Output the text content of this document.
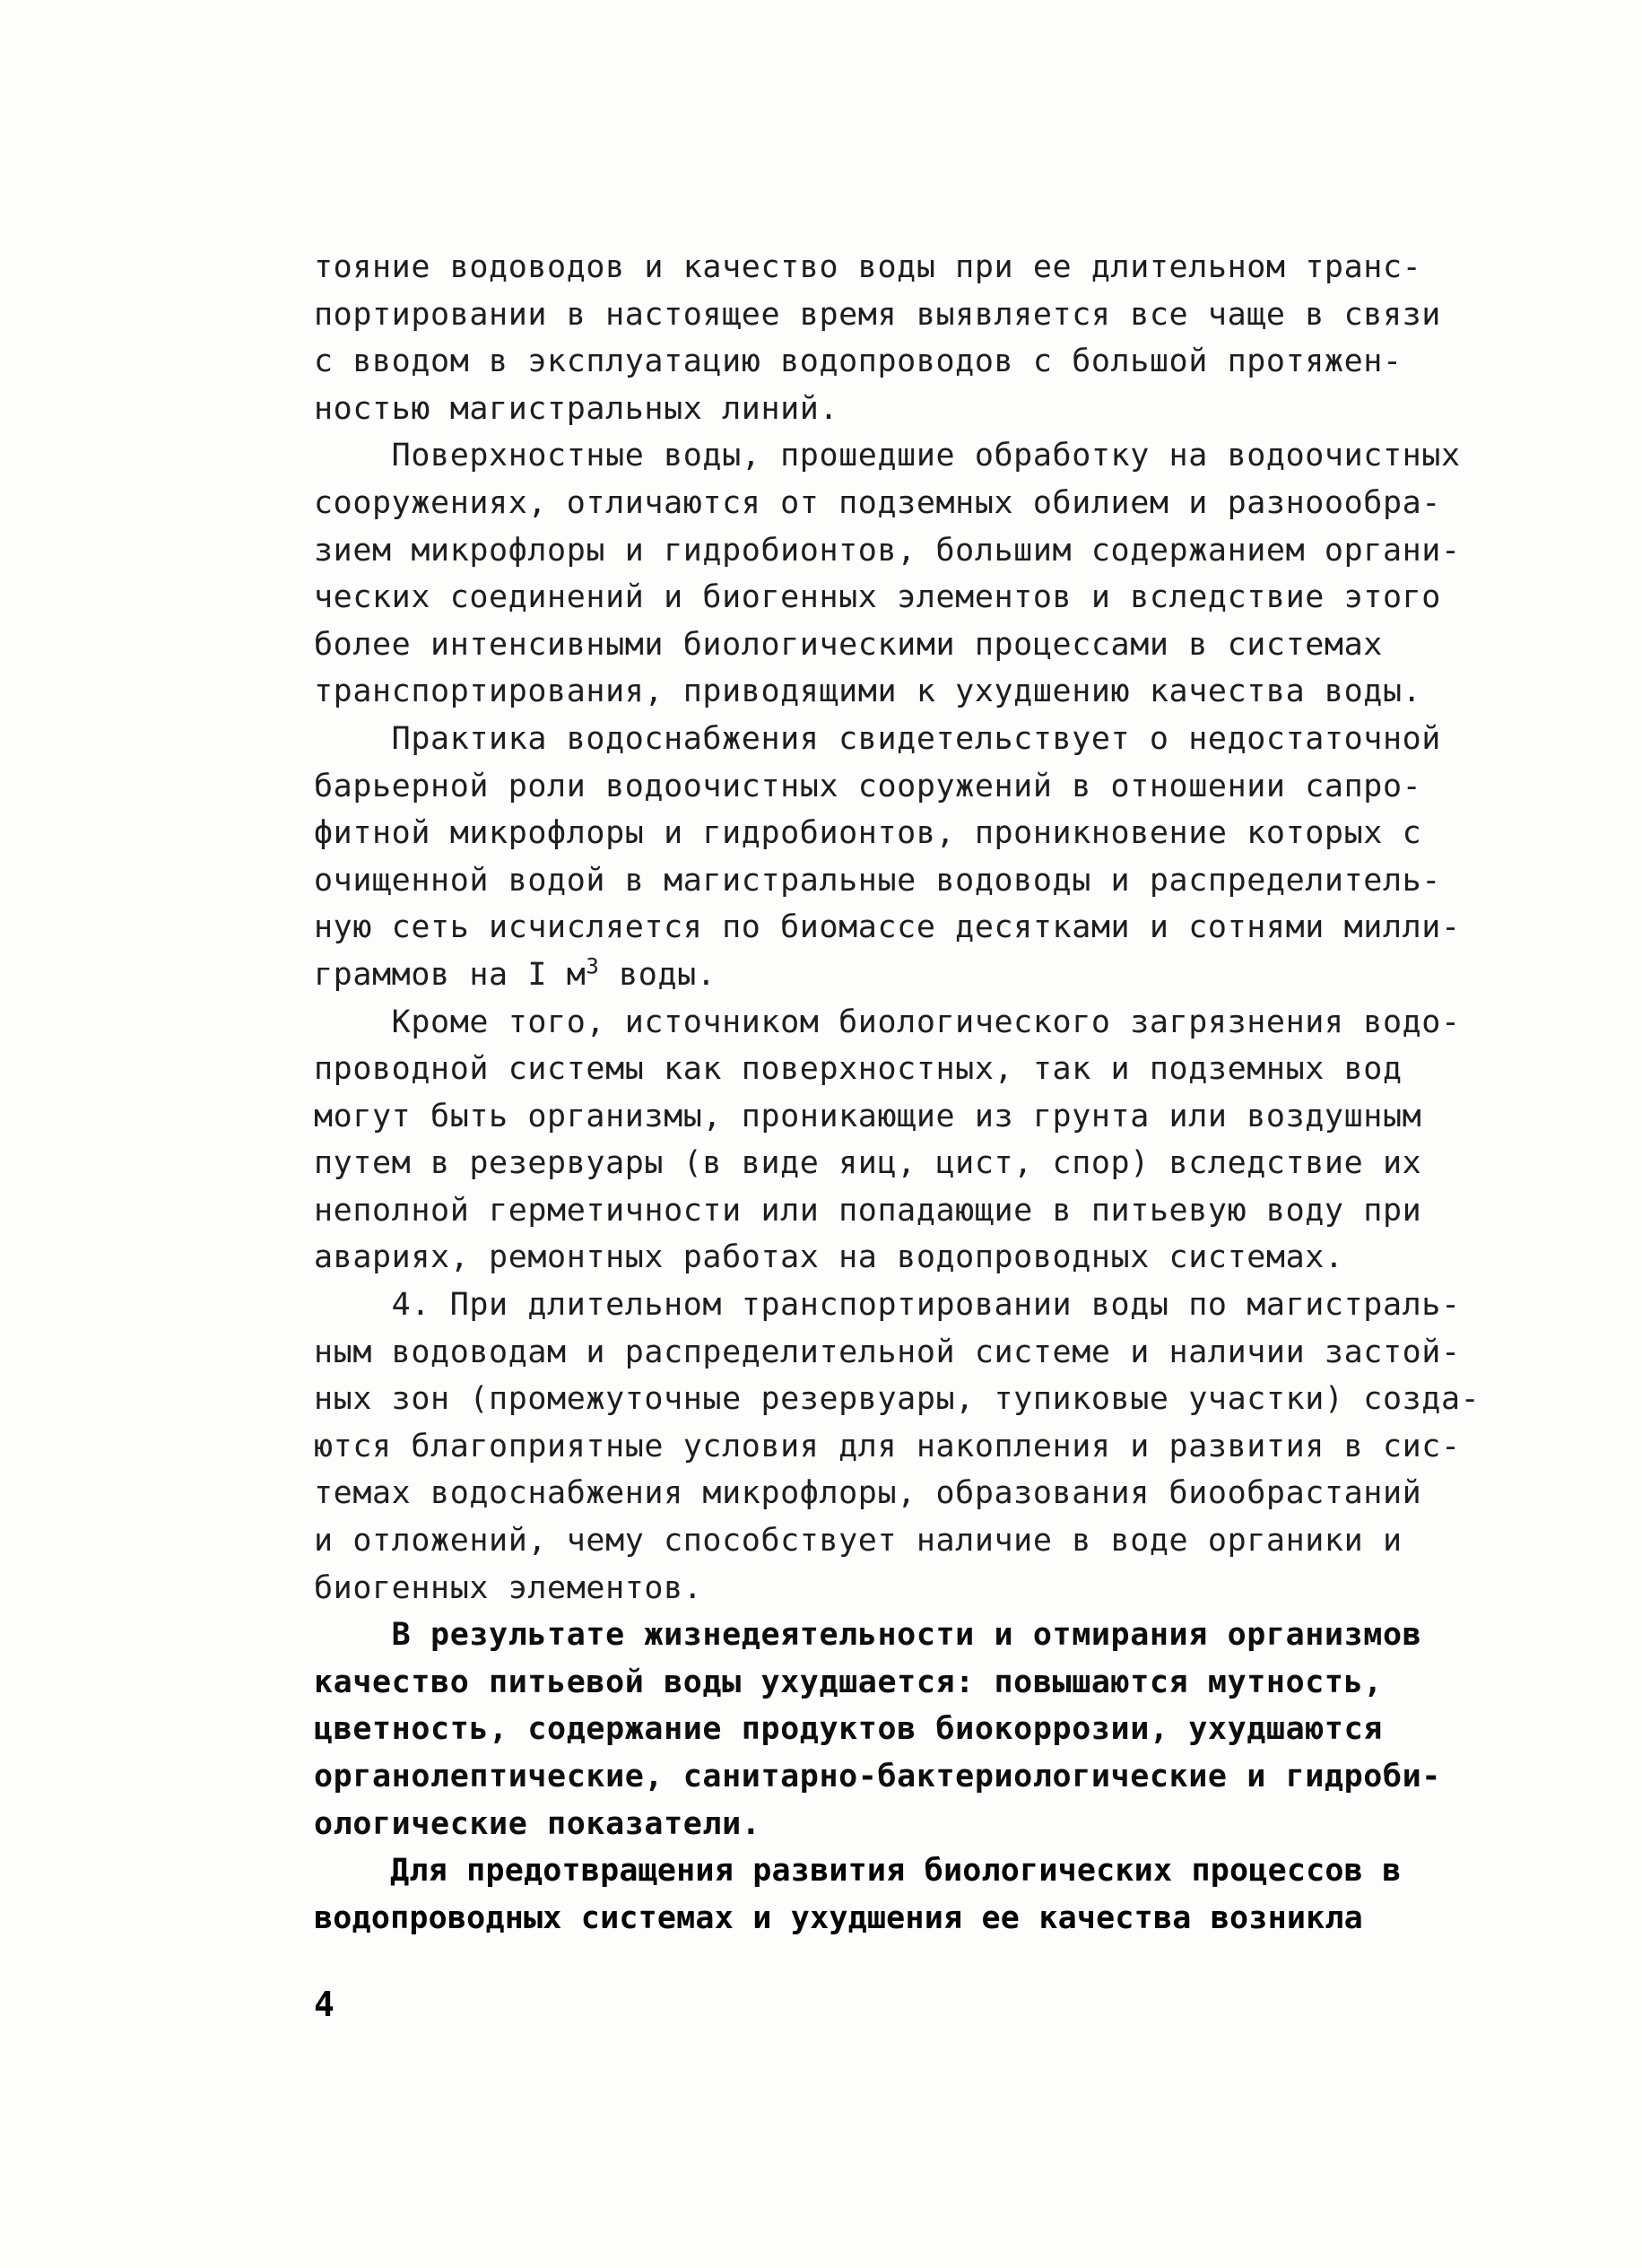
тояние водоводов и качество воды при ее длительном транс-
портировании в настоящее время выявляется все чаще в связи
с вводом в эксплуатацию водопроводов с большой протяжен-
ностью магистральных линий.
Поверхностные воды, прошедшие обработку на водоочистных
сооружениях, отличаются от подземных обилием и разноообра-
зием микрофлоры и гидробионтов, большим содержанием органи-
ческих соединений и биогенных элементов и вследствие этого
более интенсивными биологическими процессами в системах
транспортирования, приводящими к ухудшению качества воды.
Практика водоснабжения свидетельствует о недостаточной
барьерной роли водоочистных сооружений в отношении сапро-
фитной микрофлоры и гидробионтов, проникновение которых с
очищенной водой в магистральные водоводы и распределитель-
ную сеть исчисляется по биомассе десятками и сотнями милли-
граммов на I $м^3$ воды.
Кроме того, источником биологического загрязнения водо-
проводной системы как поверхностных, так и подземных вод
могут быть организмы, проникающие из грунта или воздушным
путем в резервуары (в виде яиц, цист, спор) вследствие их
неполной герметичности или попадающие в питьевую воду при
авариях, ремонтных работах на водопроводных системах.
4. При длительном транспортировании воды по магистраль-
ным водоводам и распределительной системе и наличии застой-
ных зон (промежуточные резервуары, тупиковые участки) созда-
ются благоприятные условия для накопления и развития в сис-
темах водоснабжения микрофлоры, образования биообрастаний
и отложений, чему способствует наличие в воде органики и
биогенных элементов.
В результате жизнедеятельности и отмирания организмов
качество питьевой воды ухудшается: повышаются мутность,
цветность, содержание продуктов биокоррозии, ухудшаются
органолептические, санитарно-бактериологические и гидроби-
ологические показатели.
Для предотвращения развития биологических процессов в
водопроводных системах и ухудшения ее качества возникла
4
